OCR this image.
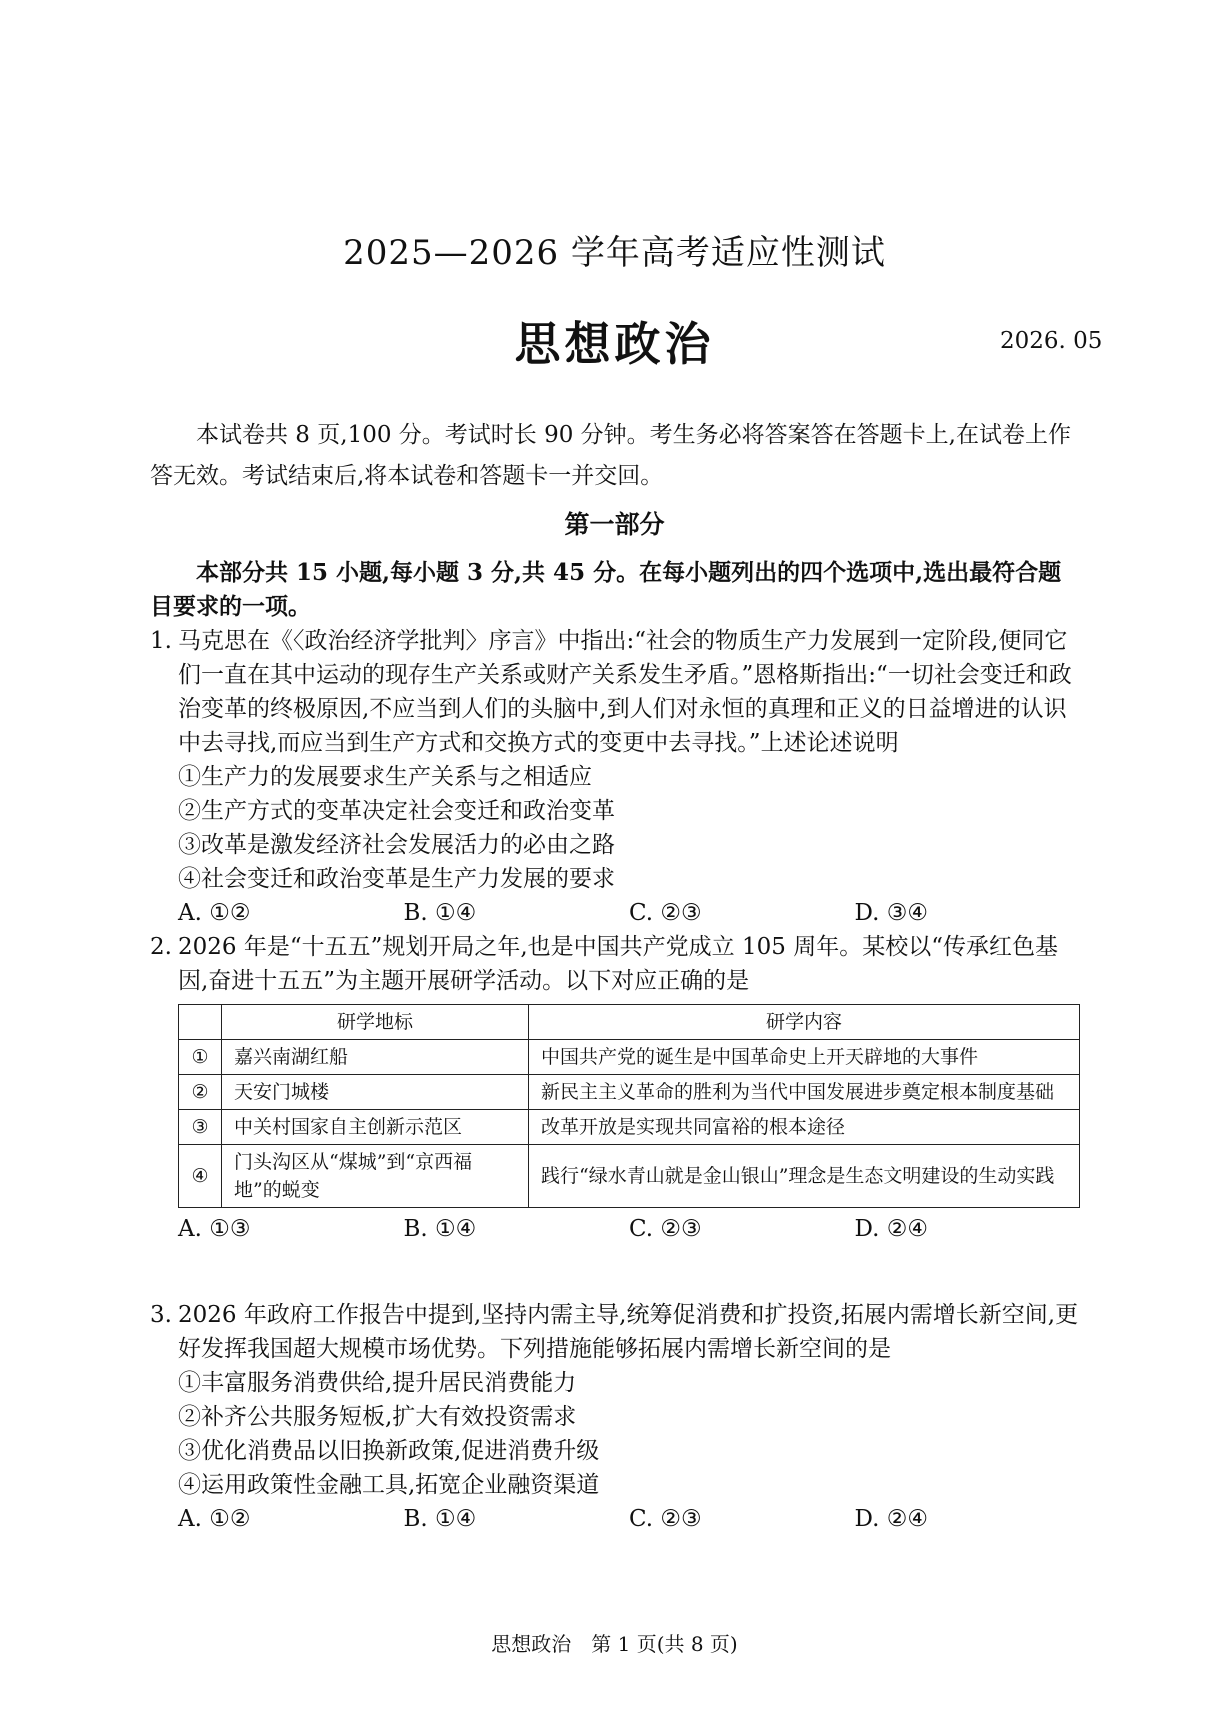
2025—2026 学年高考适应性测试
思想政治	2026. 05
本试卷共 8 页,100 分。考试时长 90 分钟。考生务必将答案答在答题卡上,在试卷上作答无效。考试结束后,将本试卷和答题卡一并交回。
第一部分
本部分共 15 小题,每小题 3 分,共 45 分。在每小题列出的四个选项中,选出最符合题目要求的一项。
1. 马克思在《〈政治经济学批判〉序言》中指出:“社会的物质生产力发展到一定阶段,便同它们一直在其中运动的现存生产关系或财产关系发生矛盾。”恩格斯指出:“一切社会变迁和政治变革的终极原因,不应当到人们的头脑中,到人们对永恒的真理和正义的日益增进的认识中去寻找,而应当到生产方式和交换方式的变更中去寻找。”上述论述说明
①生产力的发展要求生产关系与之相适应
②生产方式的变革决定社会变迁和政治变革
③改革是激发经济社会发展活力的必由之路
④社会变迁和政治变革是生产力发展的要求
A. ①②	B. ①④	C. ②③	D. ③④
2. 2026 年是“十五五”规划开局之年,也是中国共产党成立 105 周年。某校以“传承红色基因,奋进十五五”为主题开展研学活动。以下对应正确的是
	研学地标	研学内容
①	嘉兴南湖红船	中国共产党的诞生是中国革命史上开天辟地的大事件
②	天安门城楼	新民主主义革命的胜利为当代中国发展进步奠定根本制度基础
③	中关村国家自主创新示范区	改革开放是实现共同富裕的根本途径
④	门头沟区从“煤城”到“京西福地”的蜕变	践行“绿水青山就是金山银山”理念是生态文明建设的生动实践
A. ①③	B. ①④	C. ②③	D. ②④
3. 2026 年政府工作报告中提到,坚持内需主导,统筹促消费和扩投资,拓展内需增长新空间,更好发挥我国超大规模市场优势。下列措施能够拓展内需增长新空间的是
①丰富服务消费供给,提升居民消费能力
②补齐公共服务短板,扩大有效投资需求
③优化消费品以旧换新政策,促进消费升级
④运用政策性金融工具,拓宽企业融资渠道
A. ①②	B. ①④	C. ②③	D. ②④
思想政治　第 1 页(共 8 页)
